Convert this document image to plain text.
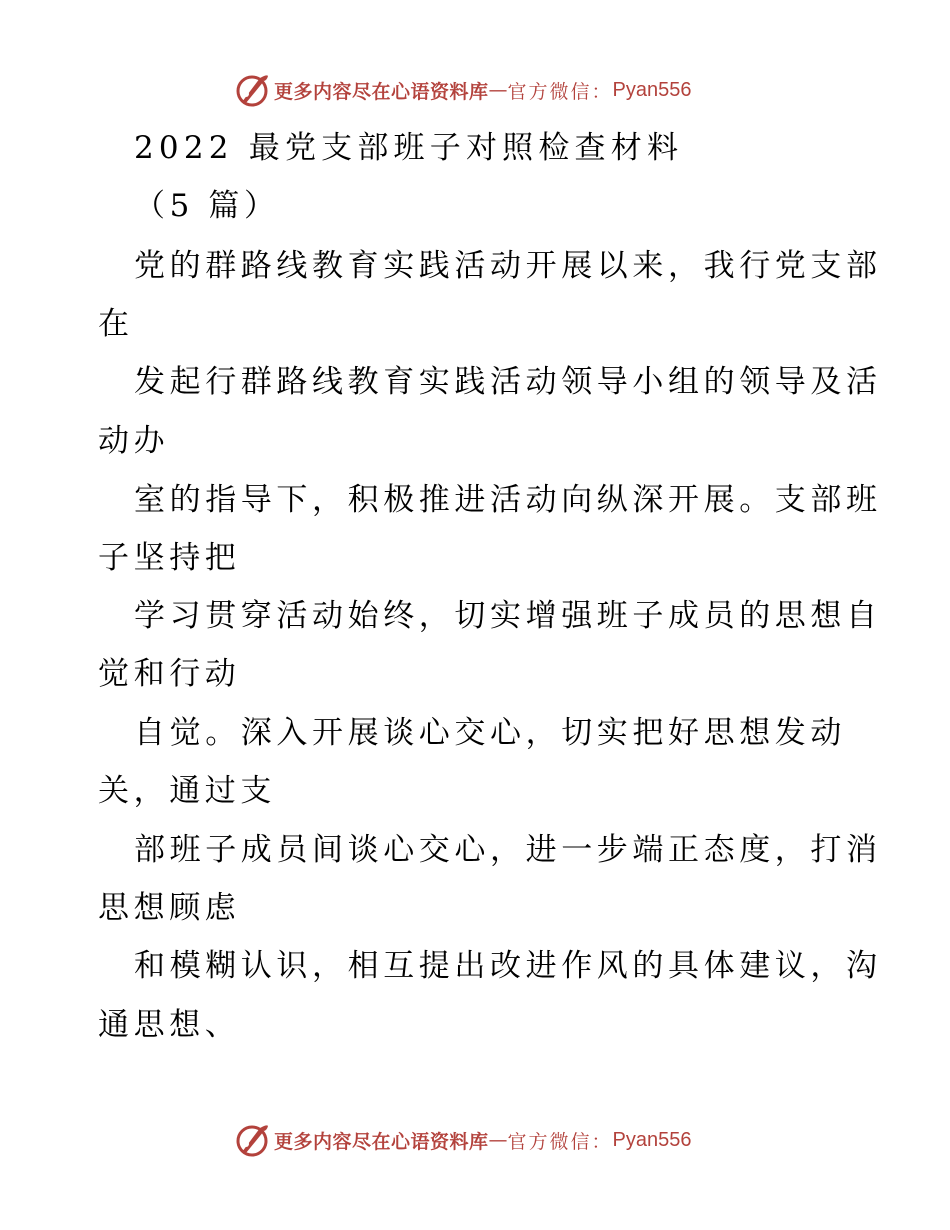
更多内容尽在心语资料库 — 官方微信： Pyan556
2022 最党支部班子对照检查材料
（5 篇）
党的群路线教育实践活动开展以来，我行党支部
在
发起行群路线教育实践活动领导小组的领导及活
动办
室的指导下，积极推进活动向纵深开展。支部班
子坚持把
学习贯穿活动始终，切实增强班子成员的思想自
觉和行动
自觉。深入开展谈心交心，切实把好思想发动
关，通过支
部班子成员间谈心交心，进一步端正态度，打消
思想顾虑
和模糊认识，相互提出改进作风的具体建议，沟
通思想、
更多内容尽在心语资料库 — 官方微信： Pyan556
